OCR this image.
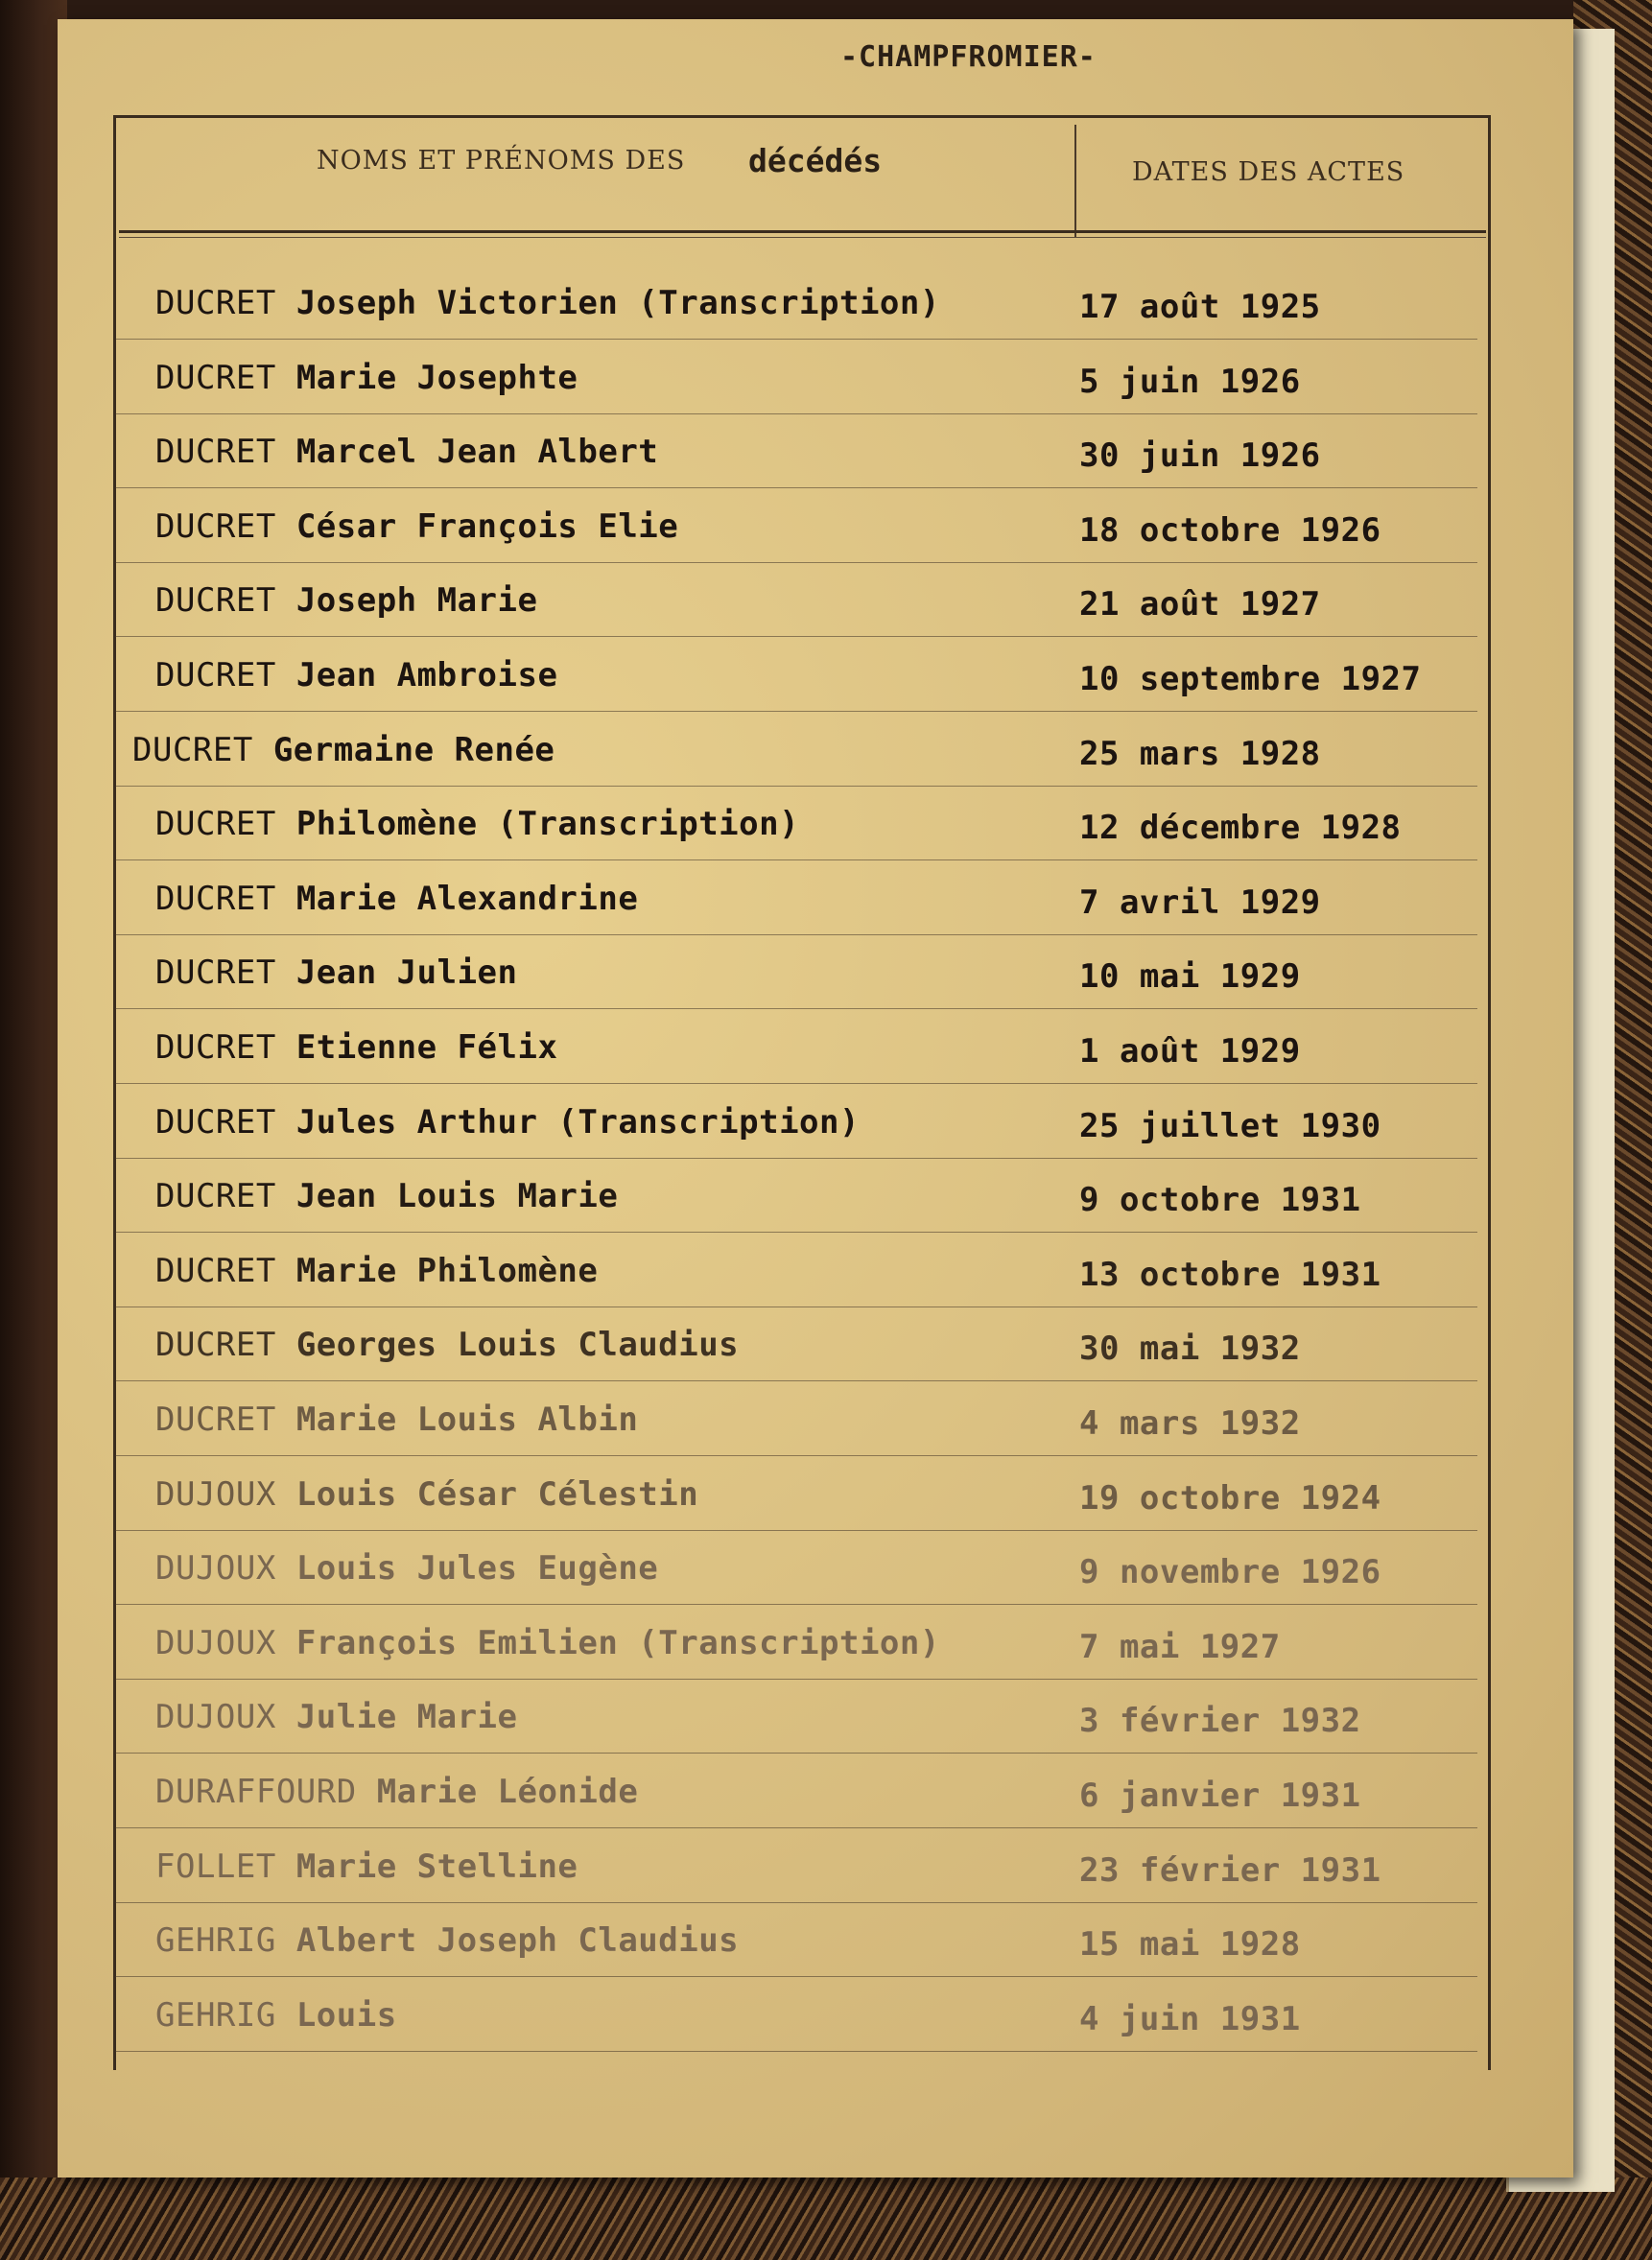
-CHAMPFROMIER-
NOMS ET PRÉNOMS DES décédés	DATES DES ACTES
DUCRET Joseph Victorien (Transcription)	17 août 1925
DUCRET Marie Josephte	5 juin 1926
DUCRET Marcel Jean Albert	30 juin 1926
DUCRET César François Elie	18 octobre 1926
DUCRET Joseph Marie	21 août 1927
DUCRET Jean Ambroise	10 septembre 1927
DUCRET Germaine Renée	25 mars 1928
DUCRET Philomène (Transcription)	12 décembre 1928
DUCRET Marie Alexandrine	7 avril 1929
DUCRET Jean Julien	10 mai 1929
DUCRET Etienne Félix	1 août 1929
DUCRET Jules Arthur (Transcription)	25 juillet 1930
DUCRET Jean Louis Marie	9 octobre 1931
DUCRET Marie Philomène	13 octobre 1931
DUCRET Georges Louis Claudius	30 mai 1932
DUCRET Marie Louis Albin	4 mars 1932
DUJOUX Louis César Célestin	19 octobre 1924
DUJOUX Louis Jules Eugène	9 novembre 1926
DUJOUX François Emilien (Transcription)	7 mai 1927
DUJOUX Julie Marie	3 février 1932
DURAFFOURD Marie Léonide	6 janvier 1931
FOLLET Marie Stelline	23 février 1931
GEHRIG Albert Joseph Claudius	15 mai 1928
GEHRIG Louis	4 juin 1931
